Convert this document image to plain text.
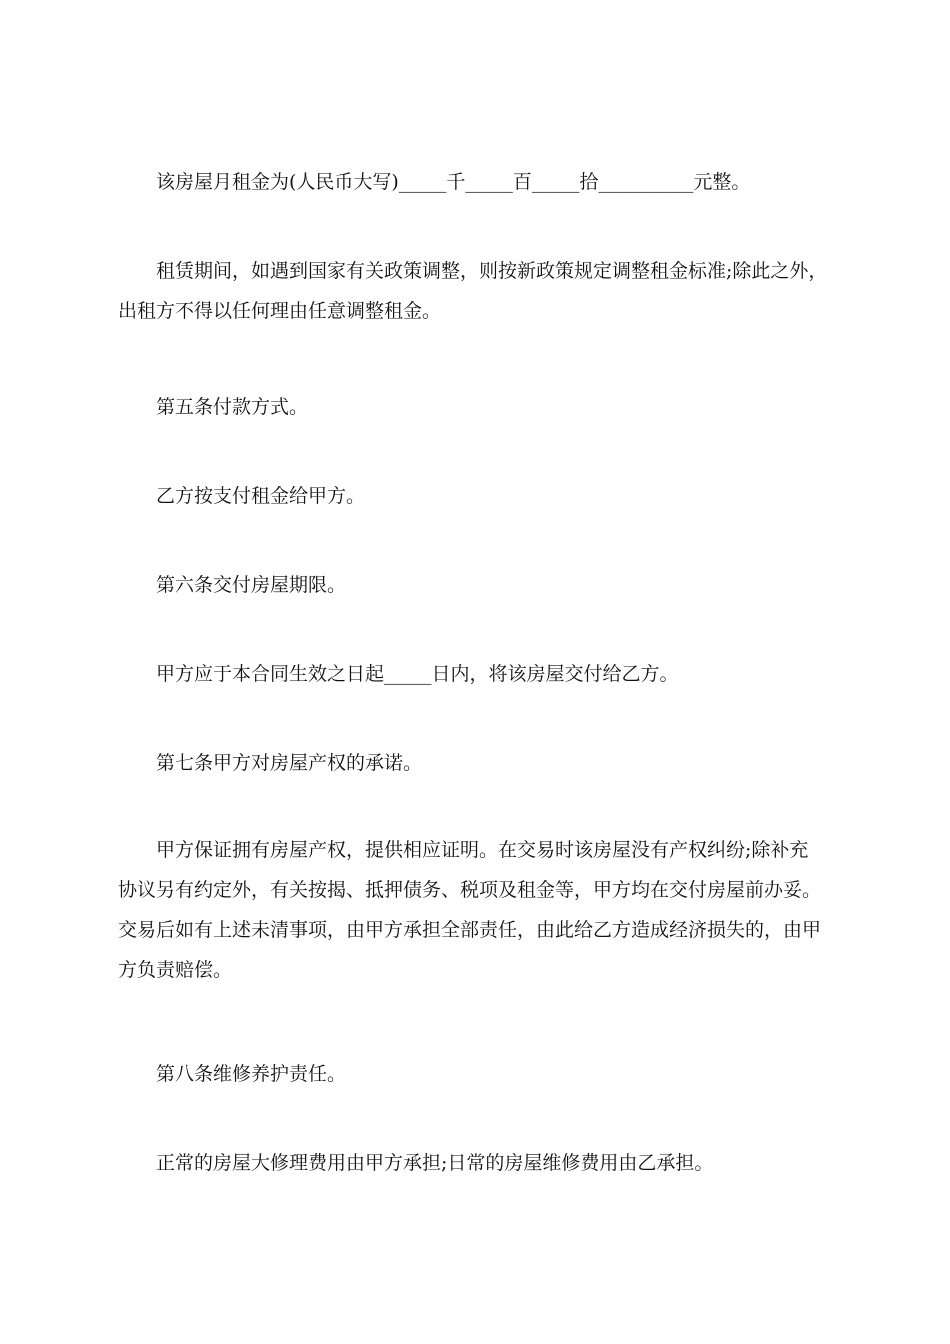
该房屋月租金为(人民币大写)_____千_____百_____拾__________元整。

租赁期间，如遇到国家有关政策调整，则按新政策规定调整租金标准;除此之外，
出租方不得以任何理由任意调整租金。

第五条付款方式。

乙方按支付租金给甲方。

第六条交付房屋期限。

甲方应于本合同生效之日起_____日内，将该房屋交付给乙方。

第七条甲方对房屋产权的承诺。

甲方保证拥有房屋产权，提供相应证明。在交易时该房屋没有产权纠纷;除补充
协议另有约定外，有关按揭、抵押债务、税项及租金等，甲方均在交付房屋前办妥。
交易后如有上述未清事项，由甲方承担全部责任，由此给乙方造成经济损失的，由甲
方负责赔偿。

第八条维修养护责任。

正常的房屋大修理费用由甲方承担;日常的房屋维修费用由乙承担。
